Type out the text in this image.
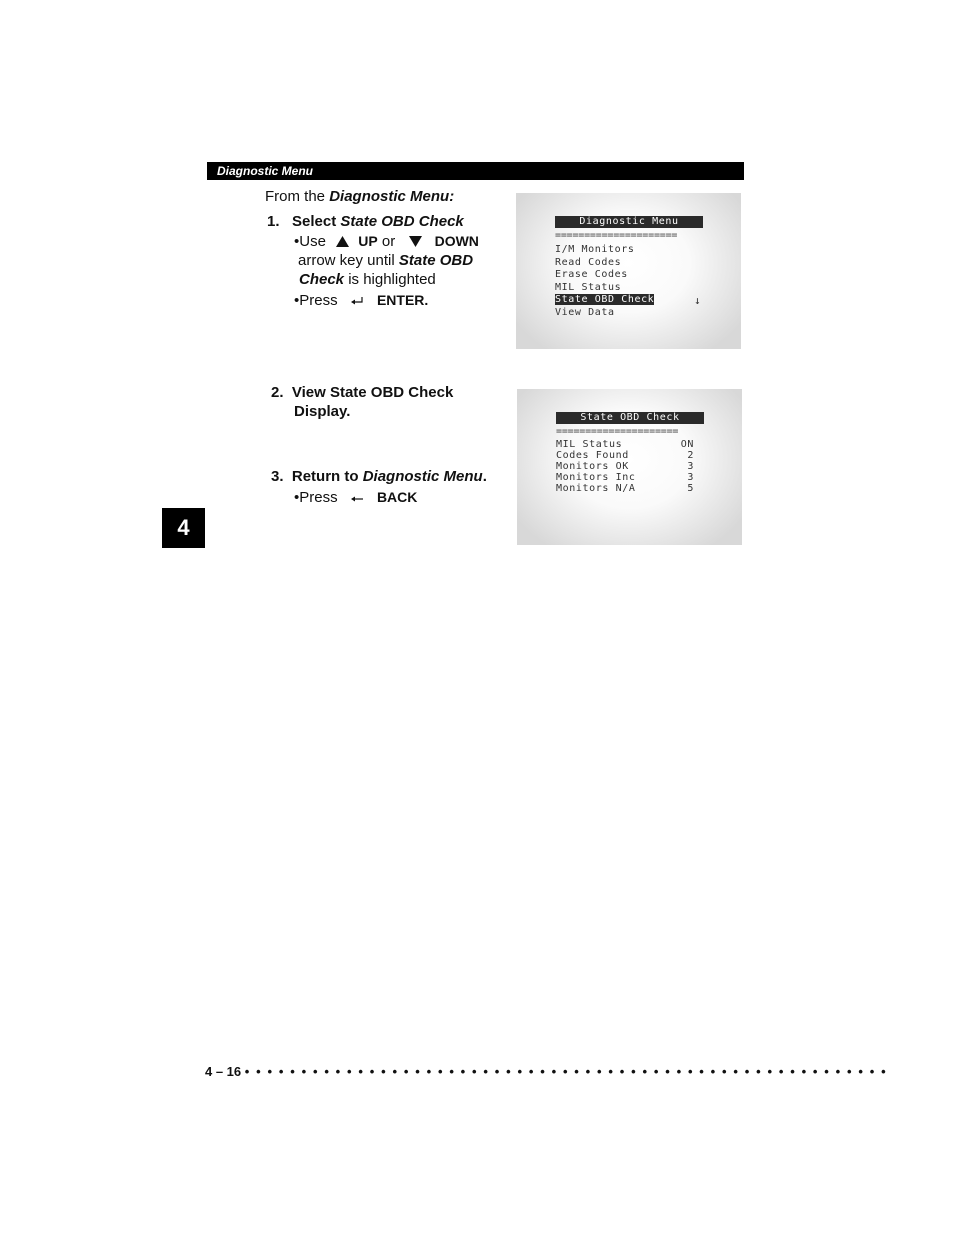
Diagnostic Menu
4
From the Diagnostic Menu:
1. Select State OBD Check
•Use UP or	DOWN
arrow key until State OBD
Check is highlighted
•Press	ENTER.
Diagnostic Menu
=====================
I/M Monitors
Read Codes
Erase Codes
MIL Status
State OBD Check
View Data
↓
2. View State OBD Check
Display.
3. Return to Diagnostic Menu.
•Press	BACK
State OBD Check
=====================
MIL Status	ON
Codes Found	2
Monitors OK	3
Monitors Inc	3
Monitors N/A	5
4 – 16 • • • • • • • • • • • • • • • • • • • • • • • • • • • • • • • • • • • • • • • • • • • • • • • • • • • • • • • • •
